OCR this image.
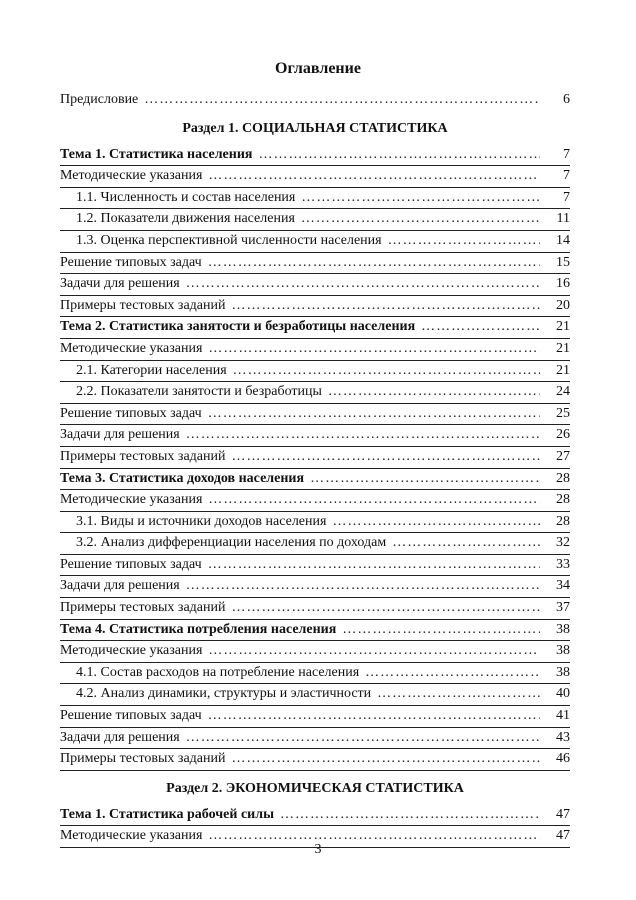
Оглавление
Предисловие ………………………………………………………………………………………………………………	6
Раздел 1. СОЦИАЛЬНАЯ СТАТИСТИКА
Тема 1. Статистика населения ………………………………………………………………………………………………………………	7
Методические указания ………………………………………………………………………………………………………………	7
1.1. Численность и состав населения ………………………………………………………………………………………………………………	7
1.2. Показатели движения населения ………………………………………………………………………………………………………………	11
1.3. Оценка перспективной численности населения ………………………………………………………………………………………………………………	14
Решение типовых задач ………………………………………………………………………………………………………………	15
Задачи для решения ………………………………………………………………………………………………………………	16
Примеры тестовых заданий ………………………………………………………………………………………………………………	20
Тема 2. Статистика занятости и безработицы населения ………………………………………………………………………………………………………………	21
Методические указания ………………………………………………………………………………………………………………	21
2.1. Категории населения ………………………………………………………………………………………………………………	21
2.2. Показатели занятости и безработицы ………………………………………………………………………………………………………………	24
Решение типовых задач ………………………………………………………………………………………………………………	25
Задачи для решения ………………………………………………………………………………………………………………	26
Примеры тестовых заданий ………………………………………………………………………………………………………………	27
Тема 3. Статистика доходов населения ………………………………………………………………………………………………………………	28
Методические указания ………………………………………………………………………………………………………………	28
3.1. Виды и источники доходов населения ………………………………………………………………………………………………………………	28
3.2. Анализ дифференциации населения по доходам ………………………………………………………………………………………………………………	32
Решение типовых задач ………………………………………………………………………………………………………………	33
Задачи для решения ………………………………………………………………………………………………………………	34
Примеры тестовых заданий ………………………………………………………………………………………………………………	37
Тема 4. Статистика потребления населения ………………………………………………………………………………………………………………	38
Методические указания ………………………………………………………………………………………………………………	38
4.1. Состав расходов на потребление населения ………………………………………………………………………………………………………………	38
4.2. Анализ динамики, структуры и эластичности ………………………………………………………………………………………………………………	40
Решение типовых задач ………………………………………………………………………………………………………………	41
Задачи для решения ………………………………………………………………………………………………………………	43
Примеры тестовых заданий ………………………………………………………………………………………………………………	46
Раздел 2. ЭКОНОМИЧЕСКАЯ СТАТИСТИКА
Тема 1. Статистика рабочей силы ………………………………………………………………………………………………………………	47
Методические указания ………………………………………………………………………………………………………………	47
3
